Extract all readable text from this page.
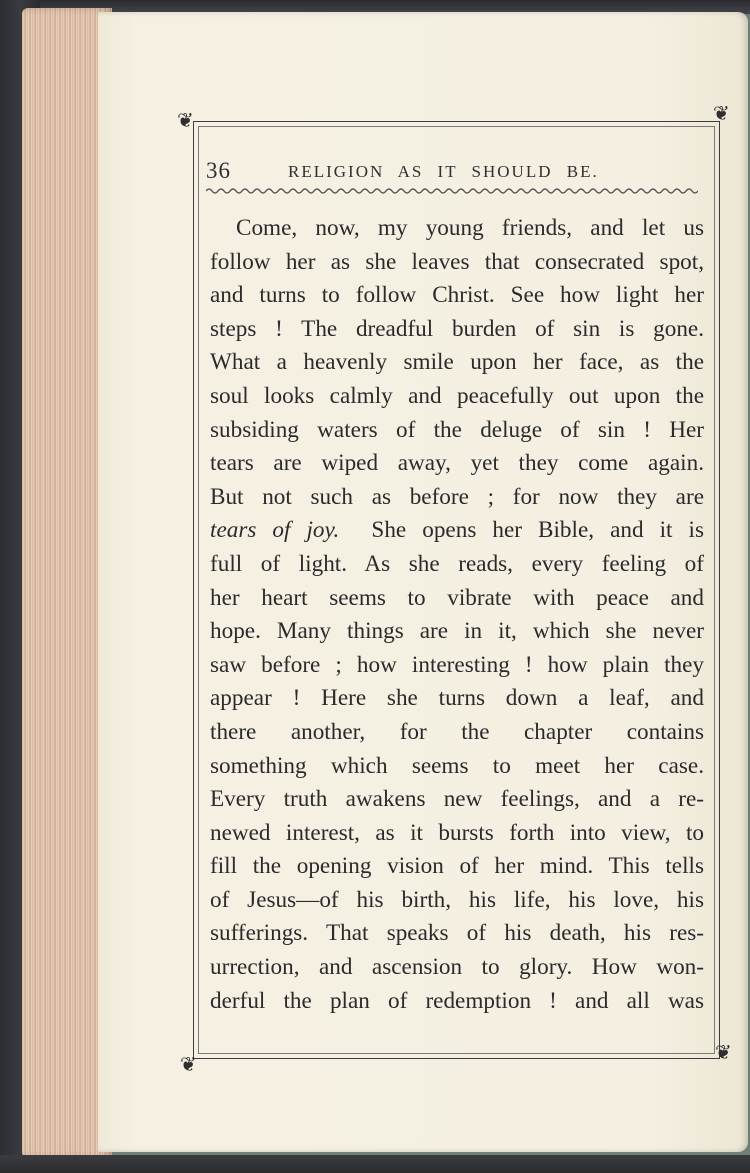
❦	❦
❦	❦
36	RELIGION AS IT SHOULD BE.
Come, now, my young friends, and let us
follow her as she leaves that consecrated spot,
and turns to follow Christ. See how light her
steps ! The dreadful burden of sin is gone.
What a heavenly smile upon her face, as the
soul looks calmly and peacefully out upon the
subsiding waters of the deluge of sin ! Her
tears are wiped away, yet they come again.
But not such as before ; for now they are
tears of joy. She opens her Bible, and it is
full of light. As she reads, every feeling of
her heart seems to vibrate with peace and
hope. Many things are in it, which she never
saw before ; how interesting ! how plain they
appear ! Here she turns down a leaf, and
there another, for the chapter contains
something which seems to meet her case.
Every truth awakens new feelings, and a re-
newed interest, as it bursts forth into view, to
fill the opening vision of her mind. This tells
of Jesus—of his birth, his life, his love, his
sufferings. That speaks of his death, his res-
urrection, and ascension to glory. How won-
derful the plan of redemption ! and all was
